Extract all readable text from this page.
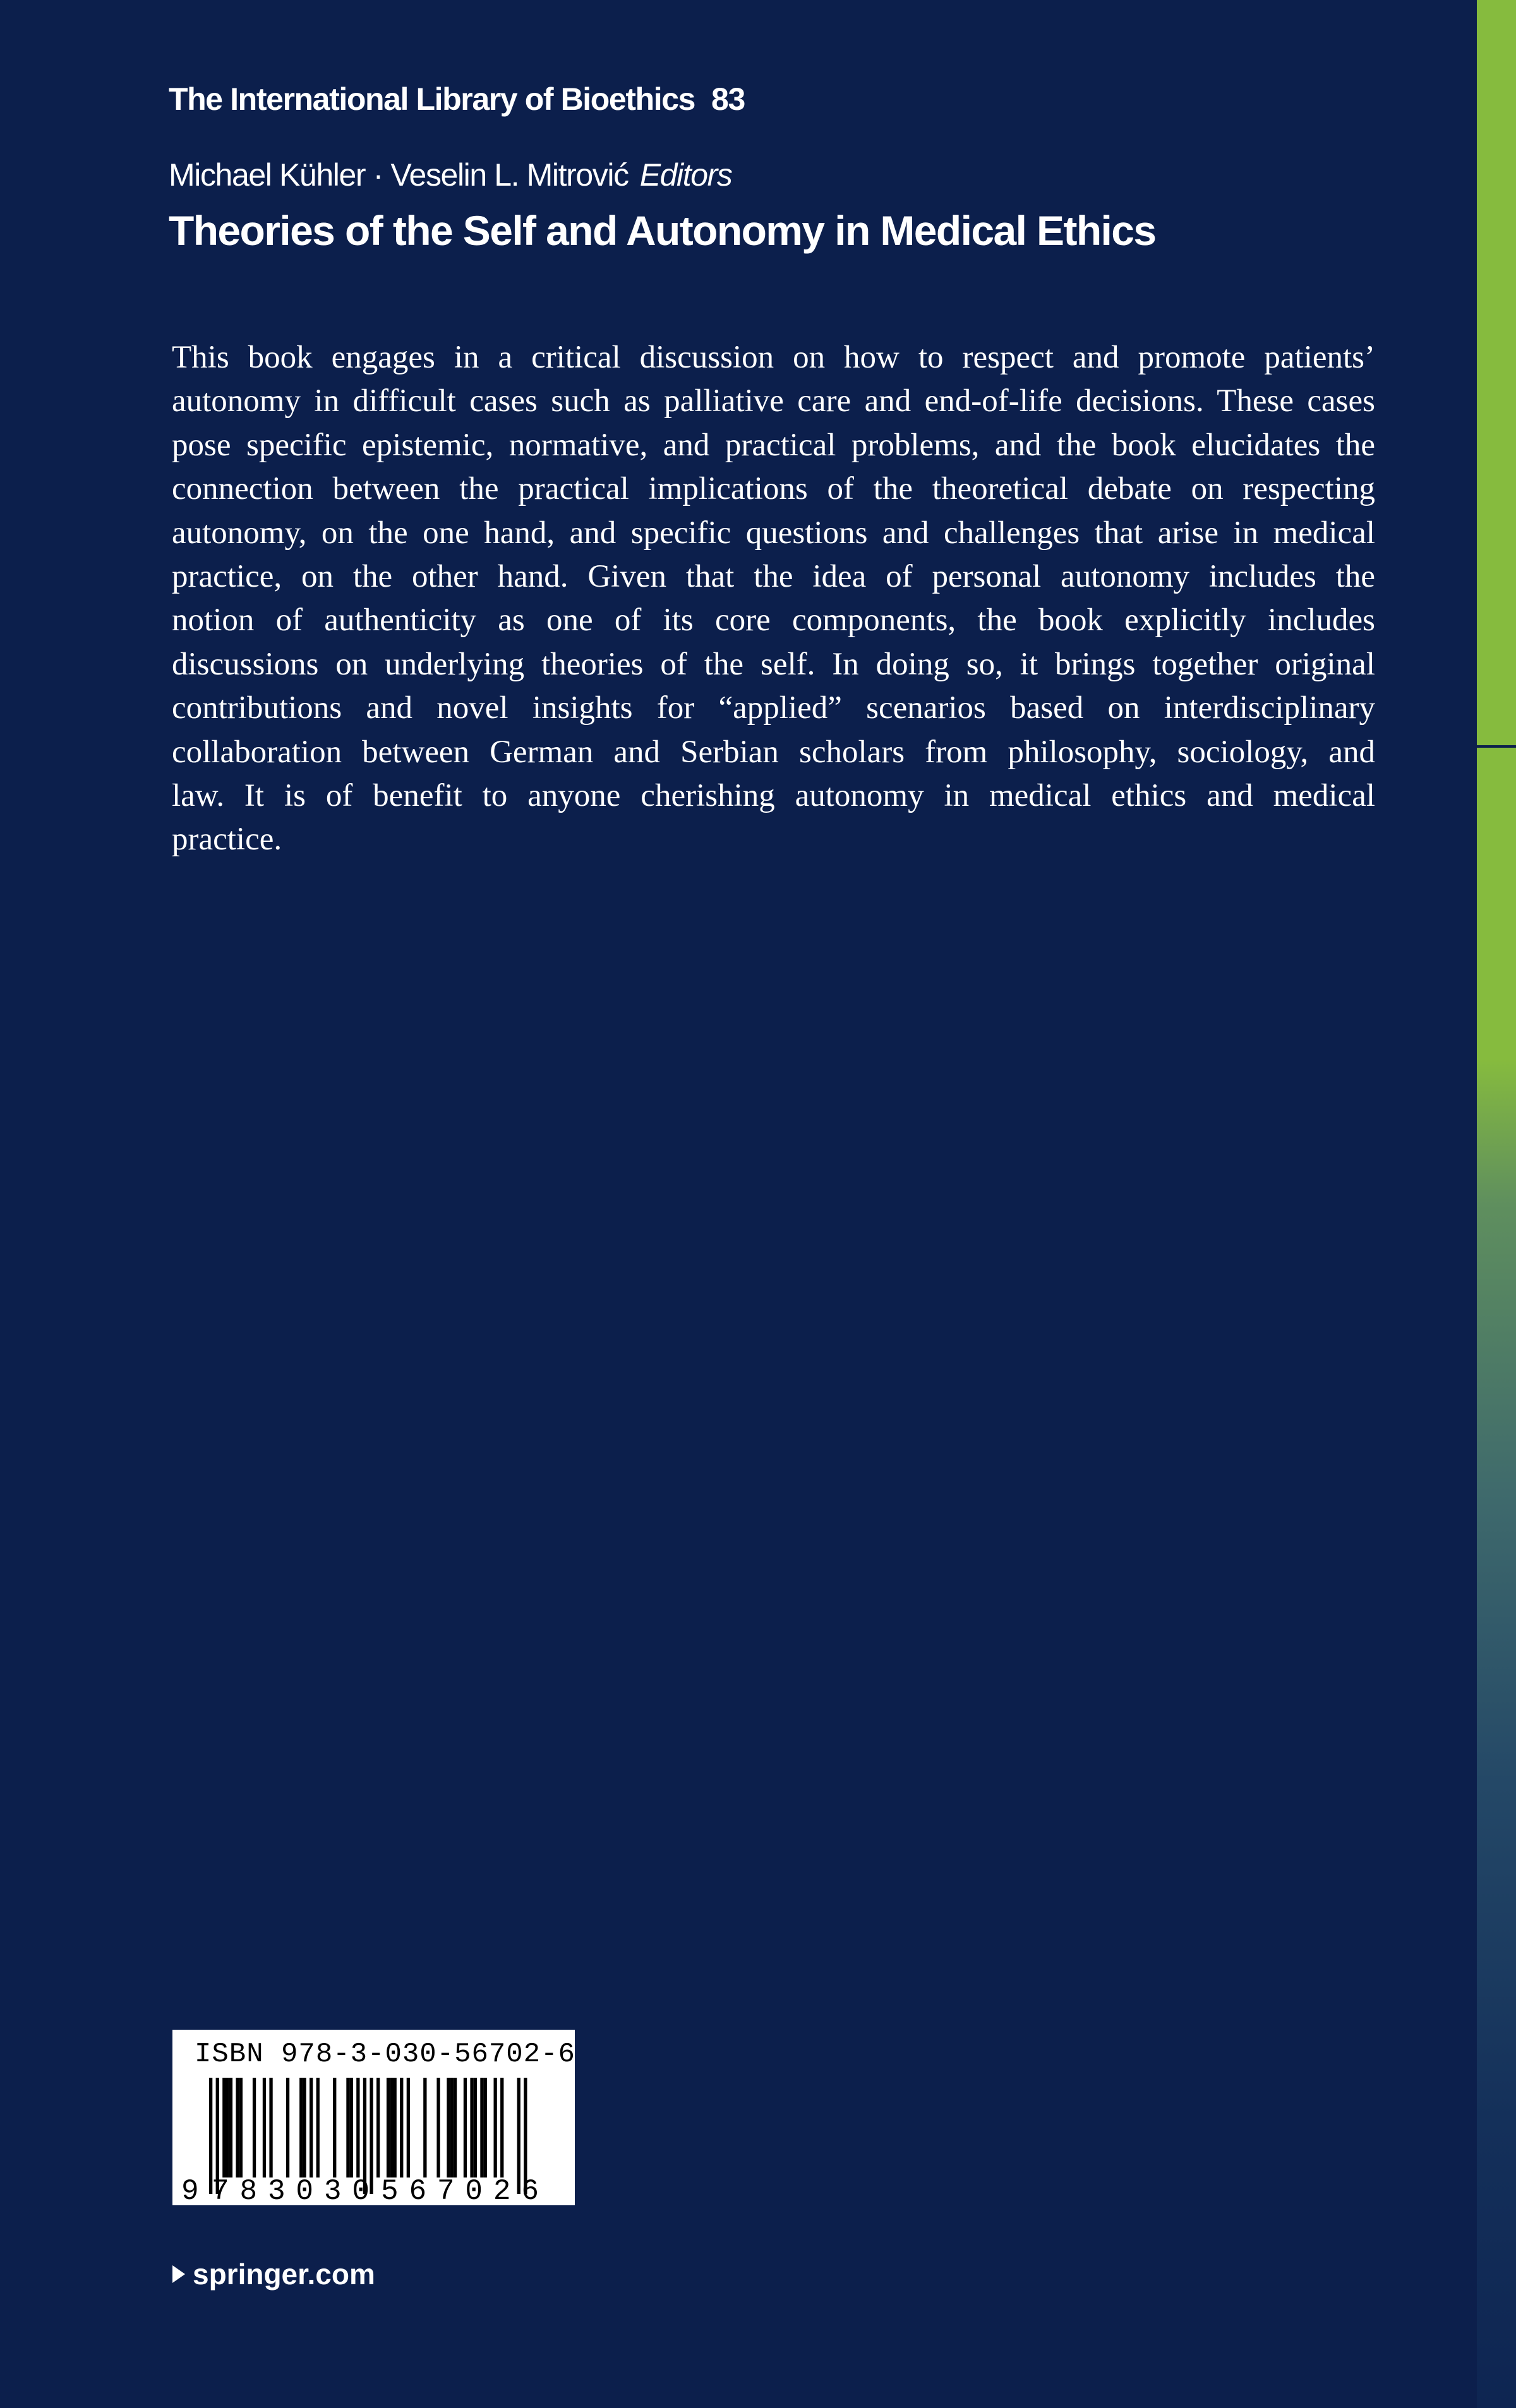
The International Library of Bioethics 83
Michael Kühler · Veselin L. Mitrović Editors
Theories of the Self and Autonomy in Medical Ethics
This book engages in a critical discussion on how to respect and promote patients’
autonomy in difficult cases such as palliative care and end-of-life decisions. These cases
pose specific epistemic, normative, and practical problems, and the book elucidates the
connection between the practical implications of the theoretical debate on respecting
autonomy, on the one hand, and specific questions and challenges that arise in medical
practice, on the other hand. Given that the idea of personal autonomy includes the
notion of authenticity as one of its core components, the book explicitly includes
discussions on underlying theories of the self. In doing so, it brings together original
contributions and novel insights for “applied” scenarios based on interdisciplinary
collaboration between German and Serbian scholars from philosophy, sociology, and
law. It is of benefit to anyone cherishing autonomy in medical ethics and medical
practice.
ISBN 978-3-030-56702-6
9 783030 567026
springer.com
